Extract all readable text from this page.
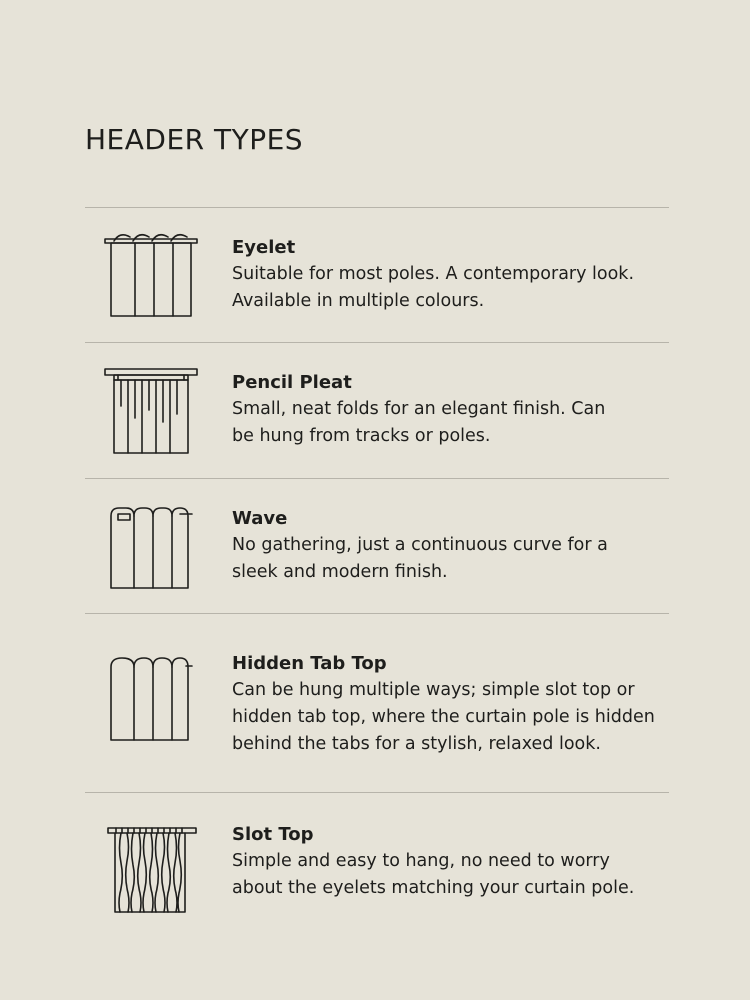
HEADER TYPES

Eyelet

Suitable for most poles. A contemporary look.
Available in multiple colours.

Pencil Pleat

Small, neat folds for an elegant finish. Can
be hung from tracks or poles.

Wave

No gathering, just a continuous curve for a
sleek and modern finish.

Hidden Tab Top

Can be hung multiple ways; simple slot top or
hidden tab top, where the curtain pole is hidden
behind the tabs for a stylish, relaxed look.

Slot Top

Simple and easy to hang, no need to worry
about the eyelets matching your curtain pole.
